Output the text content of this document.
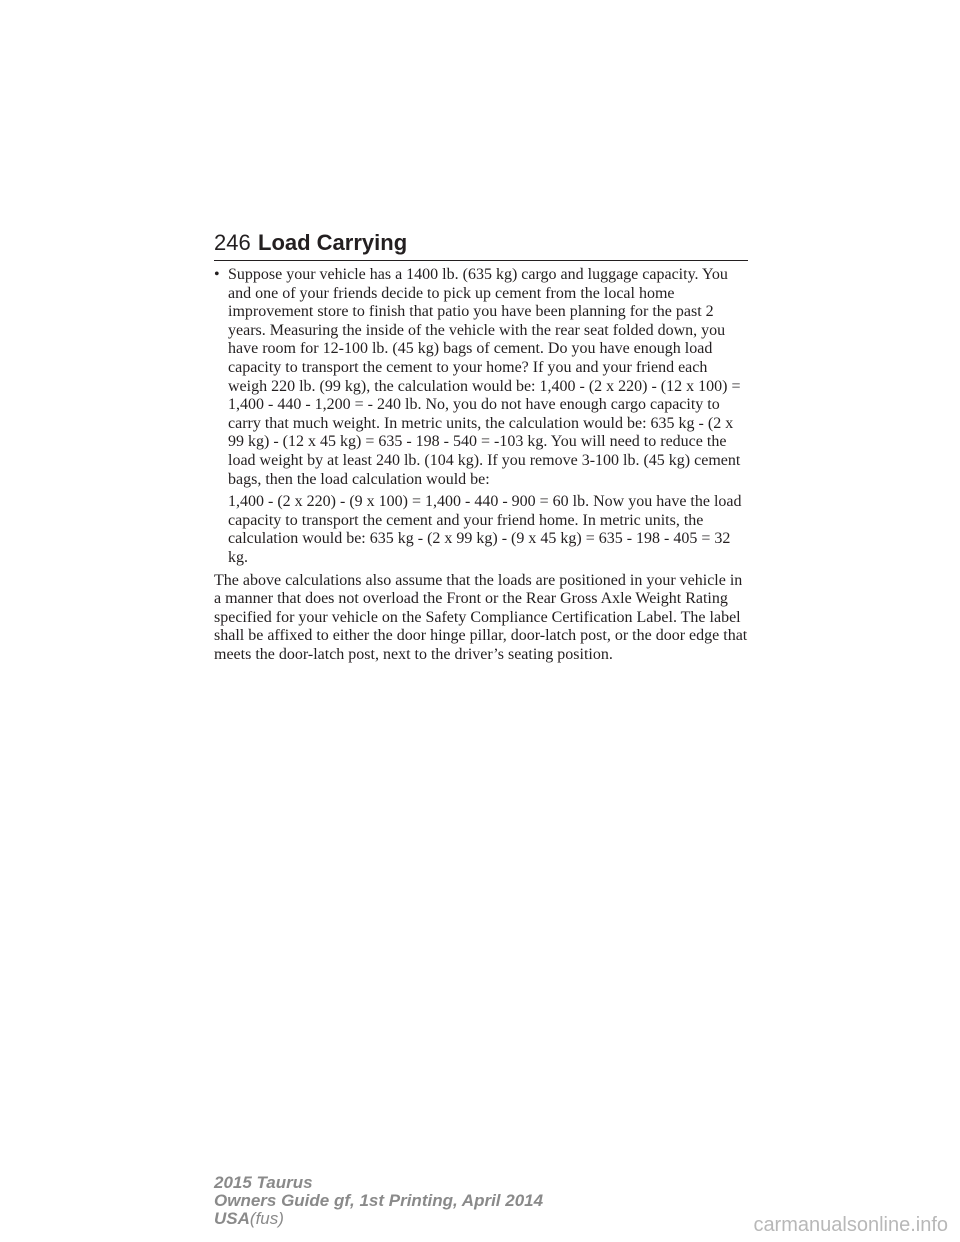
246 Load Carrying
• Suppose your vehicle has a 1400 lb. (635 kg) cargo and luggage capacity. You and one of your friends decide to pick up cement from the local home improvement store to finish that patio you have been planning for the past 2 years. Measuring the inside of the vehicle with the rear seat folded down, you have room for 12-100 lb. (45 kg) bags of cement. Do you have enough load capacity to transport the cement to your home? If you and your friend each weigh 220 lb. (99 kg), the calculation would be: 1,400 - (2 x 220) - (12 x 100) = 1,400 - 440 - 1,200 = - 240 lb. No, you do not have enough cargo capacity to carry that much weight. In metric units, the calculation would be: 635 kg - (2 x 99 kg) - (12 x 45 kg) = 635 - 198 - 540 = -103 kg. You will need to reduce the load weight by at least 240 lb. (104 kg). If you remove 3-100 lb. (45 kg) cement bags, then the load calculation would be:

1,400 - (2 x 220) - (9 x 100) = 1,400 - 440 - 900 = 60 lb. Now you have the load capacity to transport the cement and your friend home. In metric units, the calculation would be: 635 kg - (2 x 99 kg) - (9 x 45 kg) = 635 - 198 - 405 = 32 kg.

The above calculations also assume that the loads are positioned in your vehicle in a manner that does not overload the Front or the Rear Gross Axle Weight Rating specified for your vehicle on the Safety Compliance Certification Label. The label shall be affixed to either the door hinge pillar, door-latch post, or the door edge that meets the door-latch post, next to the driver’s seating position.

2015 Taurus
Owners Guide gf, 1st Printing, April 2014
USA(fus)	carmanualsonline.info
